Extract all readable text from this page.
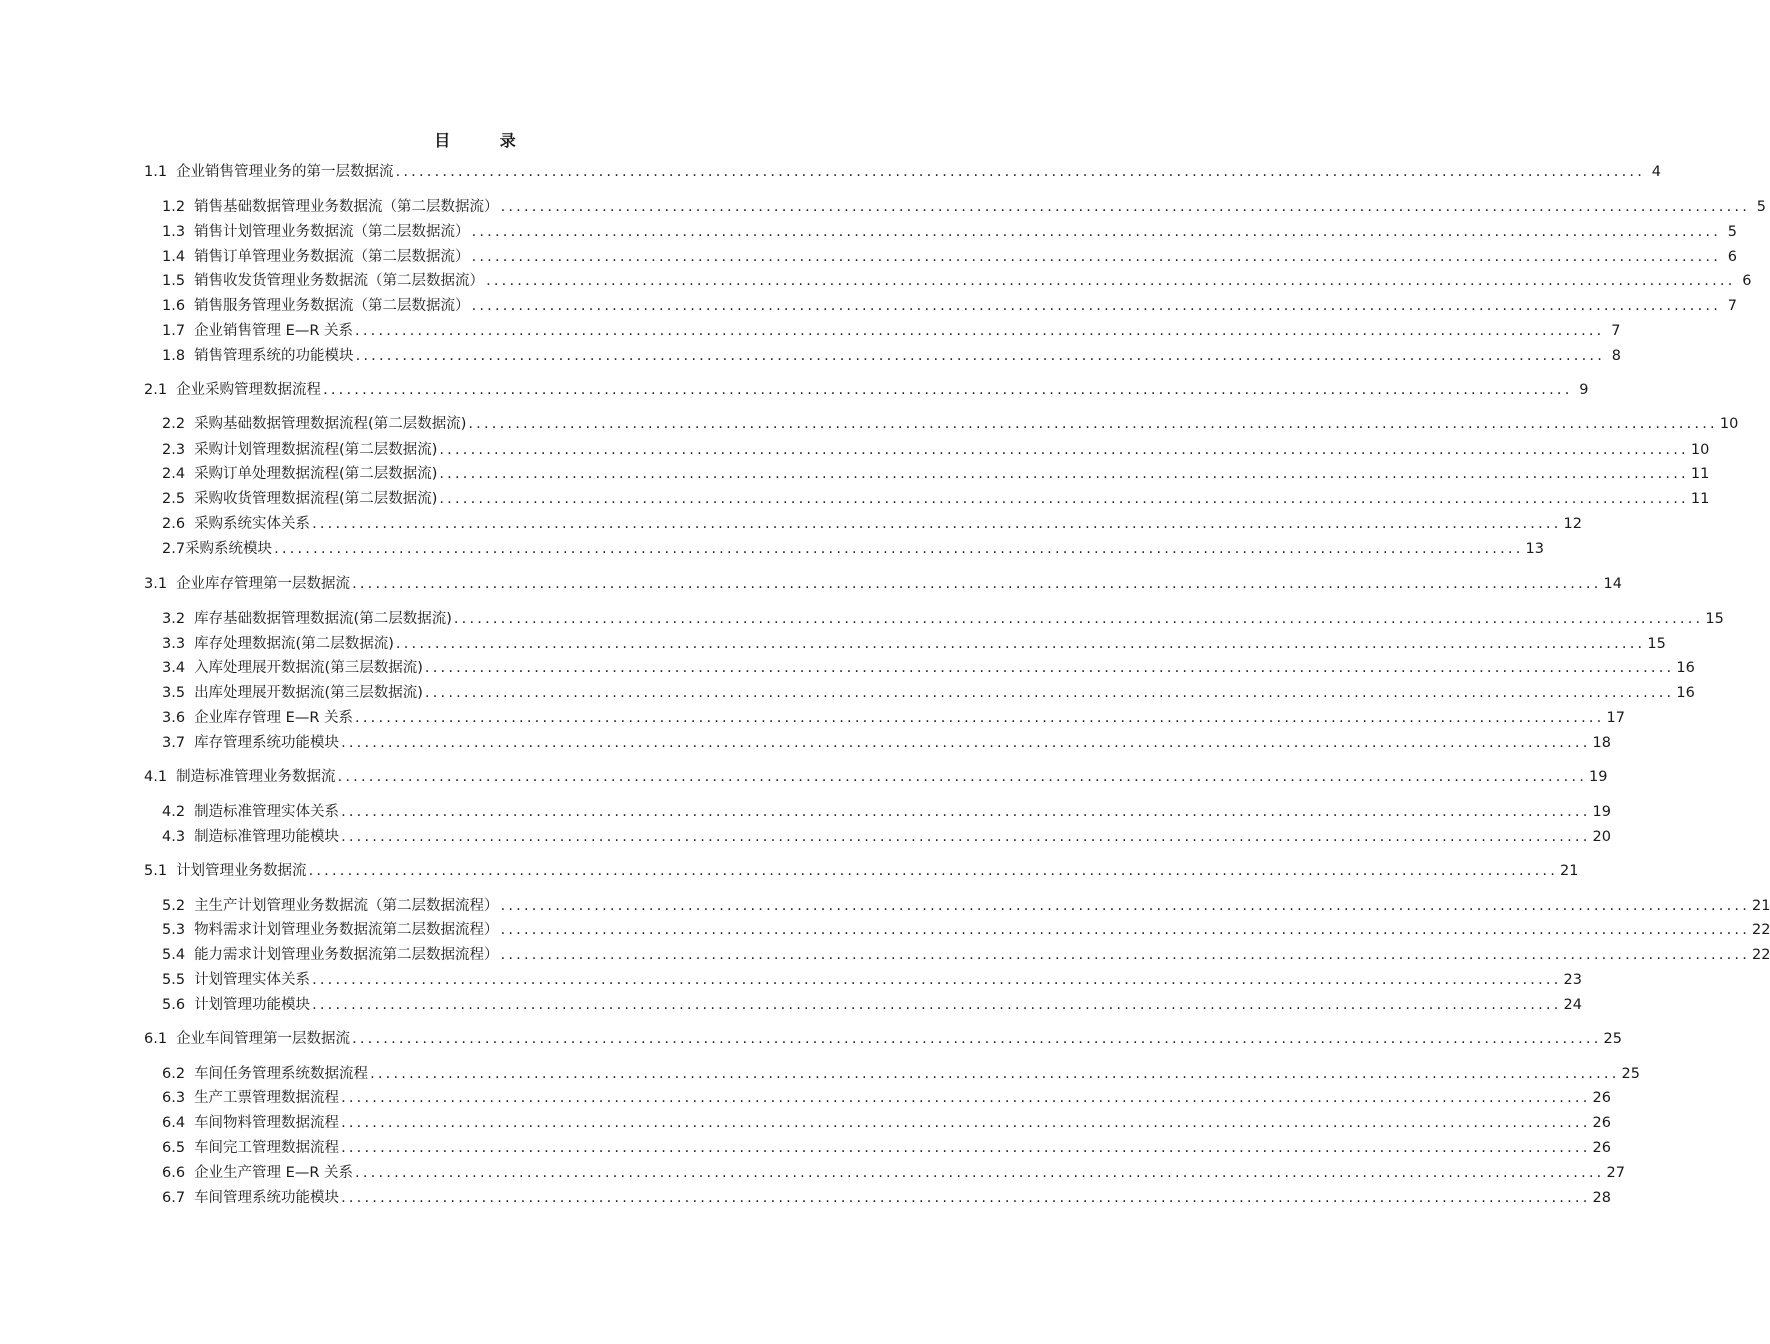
目 录
1.1 企业销售管理业务的第一层数据流 ................................................................................................................................................................ 4
1.2 销售基础数据管理业务数据流（第二层数据流） ................................................................................................................................................................ 5
1.3 销售计划管理业务数据流（第二层数据流） ................................................................................................................................................................ 5
1.4 销售订单管理业务数据流（第二层数据流） ................................................................................................................................................................ 6
1.5 销售收发货管理业务数据流（第二层数据流） ................................................................................................................................................................ 6
1.6 销售服务管理业务数据流（第二层数据流） ................................................................................................................................................................ 7
1.7 企业销售管理 E—R 关系 ................................................................................................................................................................ 7
1.8 销售管理系统的功能模块 ................................................................................................................................................................ 8
2.1 企业采购管理数据流程 ................................................................................................................................................................ 9
2.2 采购基础数据管理数据流程(第二层数据流) ................................................................................................................................................................ 10
2.3 采购计划管理数据流程(第二层数据流) ................................................................................................................................................................ 10
2.4 采购订单处理数据流程(第二层数据流) ................................................................................................................................................................ 11
2.5 采购收货管理数据流程(第二层数据流) ................................................................................................................................................................ 11
2.6 采购系统实体关系 ................................................................................................................................................................ 12
2.7 采购系统模块 ................................................................................................................................................................ 13
3.1 企业库存管理第一层数据流 ................................................................................................................................................................ 14
3.2 库存基础数据管理数据流(第二层数据流) ................................................................................................................................................................ 15
3.3 库存处理数据流(第二层数据流) ................................................................................................................................................................ 15
3.4 入库处理展开数据流(第三层数据流) ................................................................................................................................................................ 16
3.5 出库处理展开数据流(第三层数据流) ................................................................................................................................................................ 16
3.6 企业库存管理 E—R 关系 ................................................................................................................................................................ 17
3.7 库存管理系统功能模块 ................................................................................................................................................................ 18
4.1 制造标准管理业务数据流 ................................................................................................................................................................ 19
4.2 制造标准管理实体关系 ................................................................................................................................................................ 19
4.3 制造标准管理功能模块 ................................................................................................................................................................ 20
5.1 计划管理业务数据流 ................................................................................................................................................................ 21
5.2 主生产计划管理业务数据流（第二层数据流程） ................................................................................................................................................................ 21
5.3 物料需求计划管理业务数据流第二层数据流程） ................................................................................................................................................................ 22
5.4 能力需求计划管理业务数据流第二层数据流程） ................................................................................................................................................................ 22
5.5 计划管理实体关系 ................................................................................................................................................................ 23
5.6 计划管理功能模块 ................................................................................................................................................................ 24
6.1 企业车间管理第一层数据流 ................................................................................................................................................................ 25
6.2 车间任务管理系统数据流程 ................................................................................................................................................................ 25
6.3 生产工票管理数据流程 ................................................................................................................................................................ 26
6.4 车间物料管理数据流程 ................................................................................................................................................................ 26
6.5 车间完工管理数据流程 ................................................................................................................................................................ 26
6.6 企业生产管理 E—R 关系 ................................................................................................................................................................ 27
6.7 车间管理系统功能模块 ................................................................................................................................................................ 28
